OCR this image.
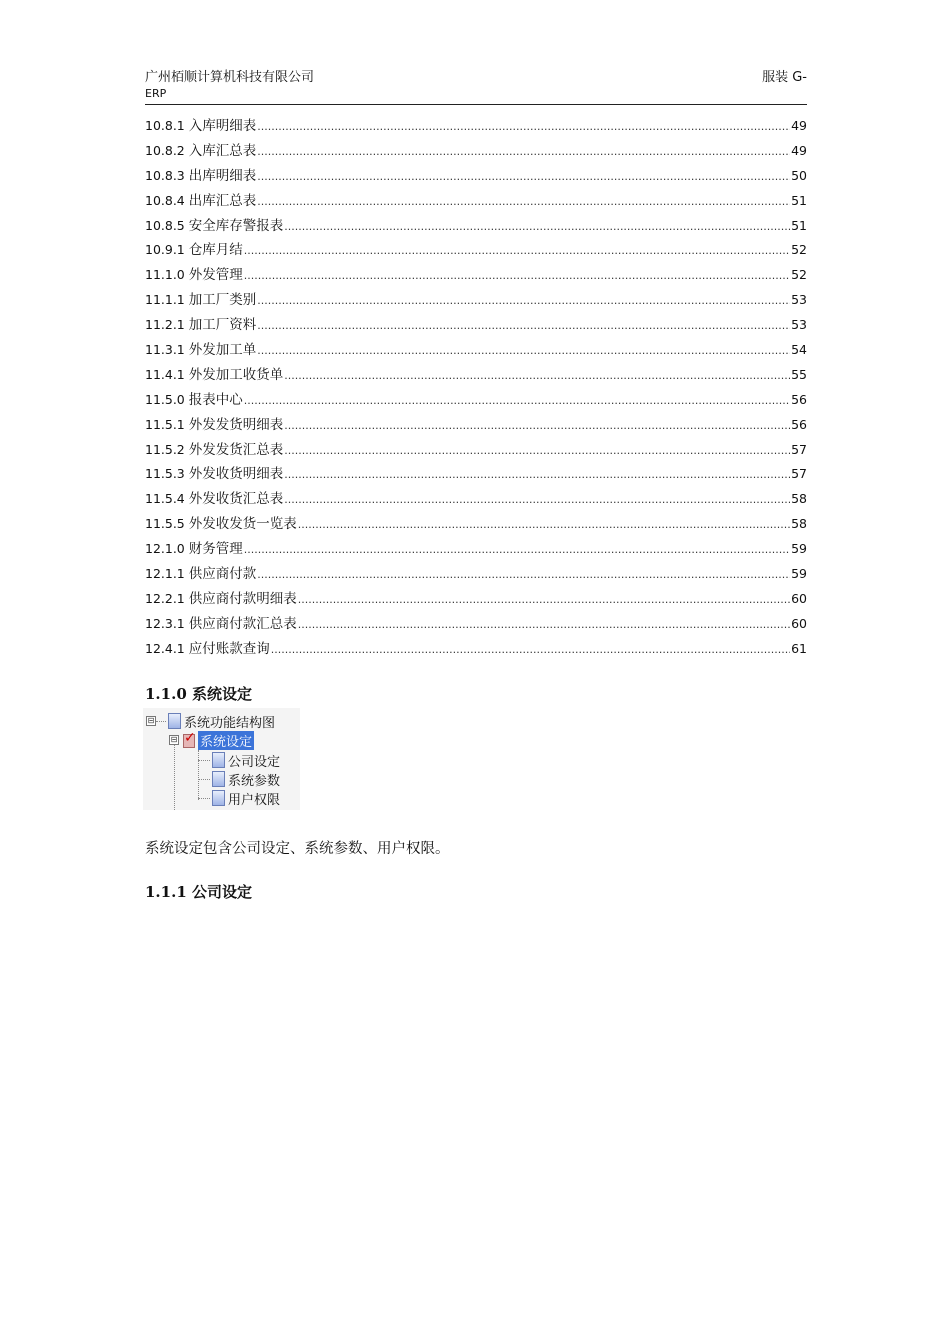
广州栢顺计算机科技有限公司	服装 G-
ERP
10.8.1 入库明细表 .....	49
10.8.2 入库汇总表 .....	49
10.8.3 出库明细表 .....	50
10.8.4 出库汇总表 .....	51
10.8.5 安全库存警报表 .....	51
10.9.1 仓库月结 .....	52
11.1.0 外发管理 .....	52
11.1.1 加工厂类别 .....	53
11.2.1 加工厂资料 .....	53
11.3.1 外发加工单 .....	54
11.4.1 外发加工收货单 .....	55
11.5.0 报表中心 .....	56
11.5.1 外发发货明细表 .....	56
11.5.2 外发发货汇总表 .....	57
11.5.3 外发收货明细表 .....	57
11.5.4 外发收货汇总表 .....	58
11.5.5 外发收发货一览表 .....	58
12.1.0 财务管理 .....	59
12.1.1 供应商付款 .....	59
12.2.1 供应商付款明细表 .....	60
12.3.1 供应商付款汇总表 .....	60
12.4.1 应付账款查询 .....	61
1.1.0 系统设定
⊟ 系统功能结构图
⊟ ✓ 系统设定
公司设定
系统参数
用户权限
系统设定包含公司设定、系统参数、用户权限。
1.1.1 公司设定
